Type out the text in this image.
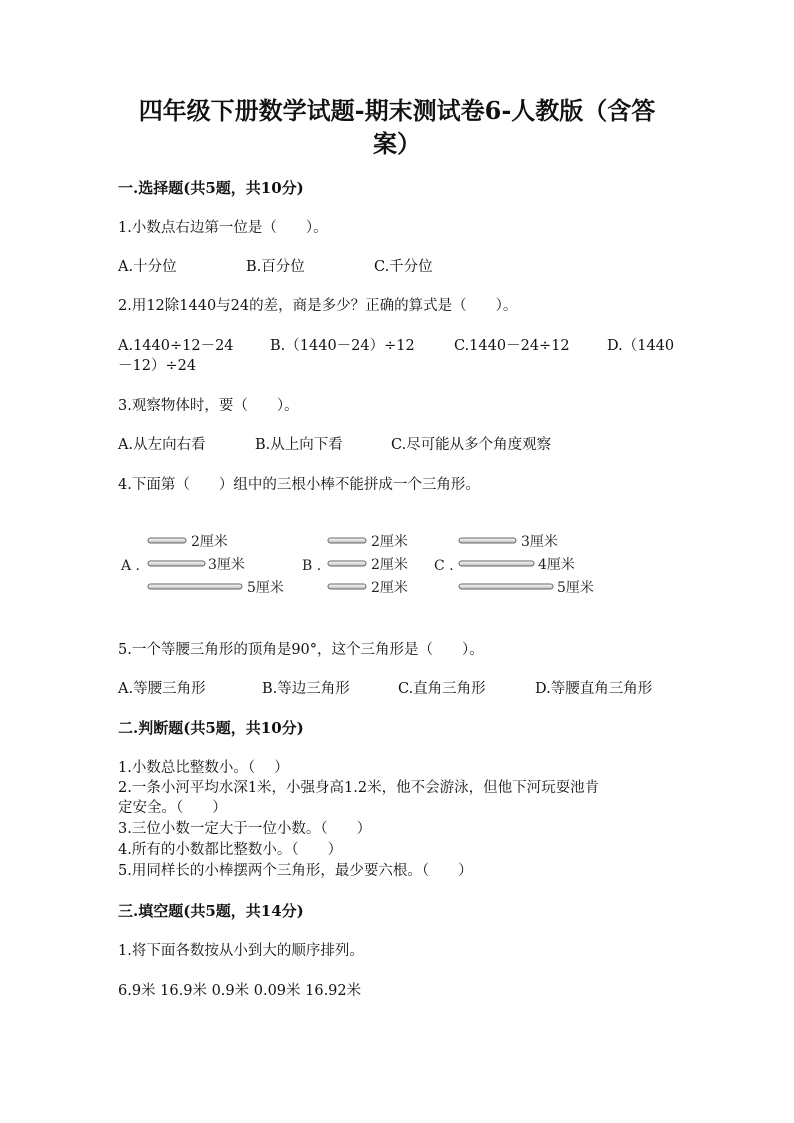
四年级下册数学试题-期末测试卷6-人教版（含答
案）
一.选择题(共5题，共10分)
1.小数点右边第一位是（　　）。
A.十分位	B.百分位	C.千分位
2.用12除1440与24的差，商是多少？正确的算式是（　　）。
A.1440÷12－24	B.（1440－24）÷12	C.1440－24÷12	D.（1440
－12）÷24
3.观察物体时，要（　　）。
A.从左向右看	B.从上向下看	C.尽可能从多个角度观察
4.下面第（　　）组中的三根小棒不能拼成一个三角形。
A .
2厘米
3厘米
5厘米
B .
2厘米
2厘米
2厘米
C .
3厘米
4厘米
5厘米
5.一个等腰三角形的顶角是90°，这个三角形是（　　）。
A.等腰三角形	B.等边三角形	C.直角三角形	D.等腰直角三角形
二.判断题(共5题，共10分)
1.小数总比整数小。（　 ）
2.一条小河平均水深1米，小强身高1.2米，他不会游泳，但他下河玩耍池肯
定安全。（　　）
3.三位小数一定大于一位小数。（　　）
4.所有的小数都比整数小。（　　）
5.用同样长的小棒摆两个三角形，最少要六根。（　　）
三.填空题(共5题，共14分)
1.将下面各数按从小到大的顺序排列。
6.9米 16.9米 0.9米 0.09米 16.92米
